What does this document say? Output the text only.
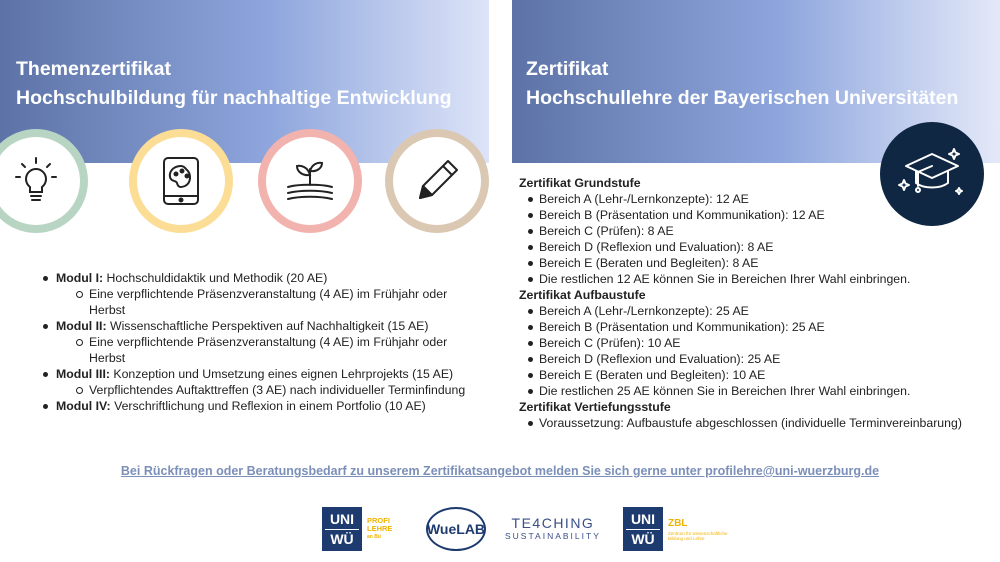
Themenzertifikat
Hochschulbildung für nachhaltige Entwicklung
Zertifikat
Hochschullehre der Bayerischen Universitäten
Modul I: Hochschuldidaktik und Methodik (20 AE)
Eine verpflichtende Präsenzveranstaltung (4 AE) im Frühjahr oder Herbst
Modul II: Wissenschaftliche Perspektiven auf Nachhaltigkeit (15 AE)
Eine verpflichtende Präsenzveranstaltung (4 AE) im Frühjahr oder Herbst
Modul III: Konzeption und Umsetzung eines eignen Lehrprojekts (15 AE)
Verpflichtendes Auftakttreffen (3 AE) nach individueller Terminfindung
Modul IV: Verschriftlichung und Reflexion in einem Portfolio (10 AE)
Zertifikat Grundstufe
Bereich A (Lehr-/Lernkonzepte): 12 AE
Bereich B (Präsentation und Kommunikation): 12 AE
Bereich C (Prüfen): 8 AE
Bereich D (Reflexion und Evaluation): 8 AE
Bereich E (Beraten und Begleiten): 8 AE
Die restlichen 12 AE können Sie in Bereichen Ihrer Wahl einbringen.
Zertifikat Aufbaustufe
Bereich A (Lehr-/Lernkonzepte): 25 AE
Bereich B (Präsentation und Kommunikation): 25 AE
Bereich C (Prüfen): 10 AE
Bereich D (Reflexion und Evaluation): 25 AE
Bereich E (Beraten und Begleiten): 10 AE
Die restlichen 25 AE können Sie in Bereichen Ihrer Wahl einbringen.
Zertifikat Vertiefungsstufe
Voraussetzung: Aufbaustufe abgeschlossen (individuelle Terminvereinbarung)
Bei Rückfragen oder Beratungsbedarf zu unserem Zertifikatsangebot melden Sie sich gerne unter profilehre@uni-wuerzburg.de
UNI
WÜ
PROFI
LEHRE
an Bü	WueLAB	TE4CHING
SUSTAINABILITY
UNI
WÜ
ZBL
Zentrum für wissenschaftliche Bildung und Lehre
